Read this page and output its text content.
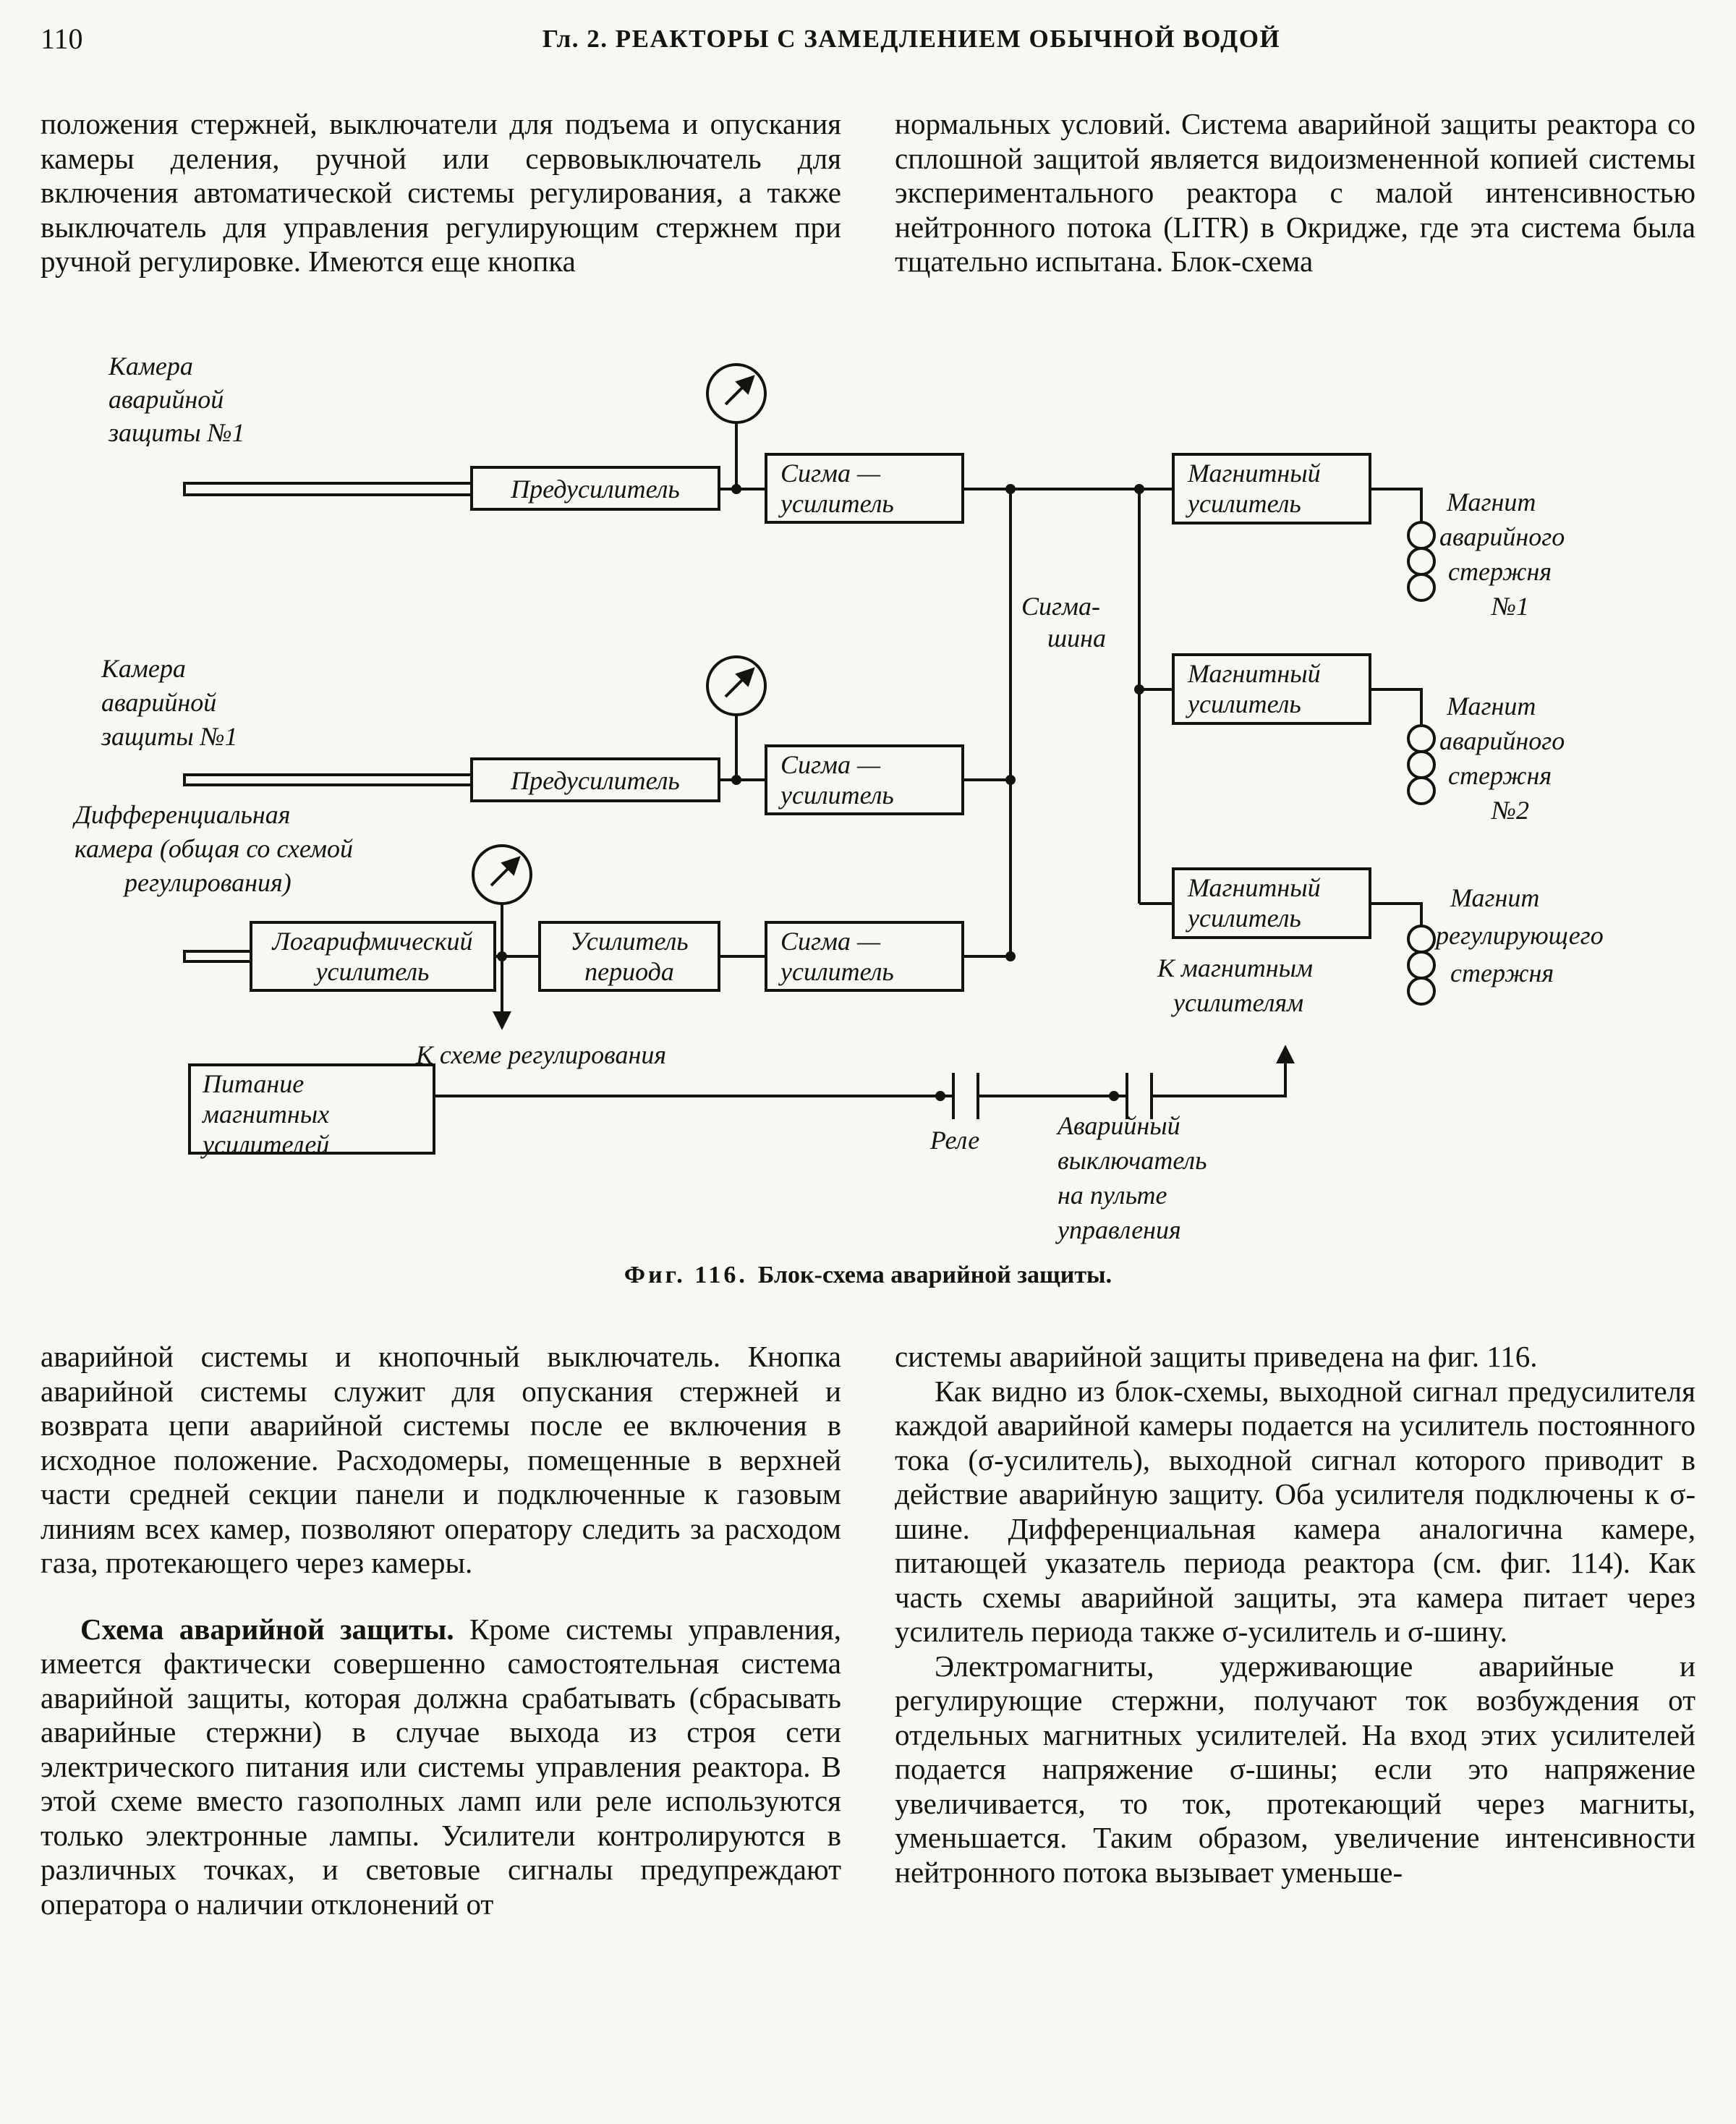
110	Гл. 2. РЕАКТОРЫ С ЗАМЕДЛЕНИЕМ ОБЫЧНОЙ ВОДОЙ

положения стержней, выключатели для подъема и опускания камеры деления, ручной или сервовыключатель для включения автоматической системы регулирования, а также выключатель для управления регулирующим стержнем при ручной регулировке. Имеются еще кнопка

нормальных условий. Система аварийной защиты реактора со сплошной защитой является видоизмененной копией системы экспериментального реактора с малой интенсивностью нейтронного потока (LITR) в Окридже, где эта система была тщательно испытана. Блок-схема

Предусилитель
Сигма —
усилитель
Магнитный
усилитель
Предусилитель
Сигма —
усилитель
Магнитный
усилитель
Логарифмический
усилитель
Усилитель
периода
Сигма —
усилитель
Магнитный
усилитель
Питание
магнитных
усилителей
Камера
аварийной
защиты №1
Камера
аварийной
защиты №1
Дифференциальная
камера (общая со схемой
регулирования)
Сигма-
шина
Магнит
аварийного
стержня
№1
Магнит
аварийного
стержня
№2
Магнит
регулирующего
стержня
К магнитным
усилителям
К схеме регулирования
Реле	Аварийный
выключатель
на пульте
управления
Фиг. 116. Блок-схема аварийной защиты.

аварийной системы и кнопочный выключатель. Кнопка аварийной системы служит для опускания стержней и возврата цепи аварийной системы после ее включения в исходное положение. Расходомеры, помещенные в верхней части средней секции панели и подключенные к газовым линиям всех камер, позволяют оператору следить за расходом газа, протекающего через камеры.

Схема аварийной защиты. Кроме системы управления, имеется фактически совершенно самостоятельная система аварийной защиты, которая должна срабатывать (сбрасывать аварийные стержни) в случае выхода из строя сети электрического питания или системы управления реактора. В этой схеме вместо газополных ламп или реле используются только электронные лампы. Усилители контролируются в различных точках, и световые сигналы предупреждают оператора о наличии отклонений от

системы аварийной защиты приведена на фиг. 116.

Как видно из блок-схемы, выходной сигнал предусилителя каждой аварийной камеры подается на усилитель постоянного тока (σ-усилитель), выходной сигнал которого приводит в действие аварийную защиту. Оба усилителя подключены к σ-шине. Дифференциальная камера аналогична камере, питающей указатель периода реактора (см. фиг. 114). Как часть схемы аварийной защиты, эта камера питает через усилитель периода также σ-усилитель и σ-шину.

Электромагниты, удерживающие аварийные и регулирующие стержни, получают ток возбуждения от отдельных магнитных усилителей. На вход этих усилителей подается напряжение σ-шины; если это напряжение увеличивается, то ток, протекающий через магниты, уменьшается. Таким образом, увеличение интенсивности нейтронного потока вызывает уменьше-
